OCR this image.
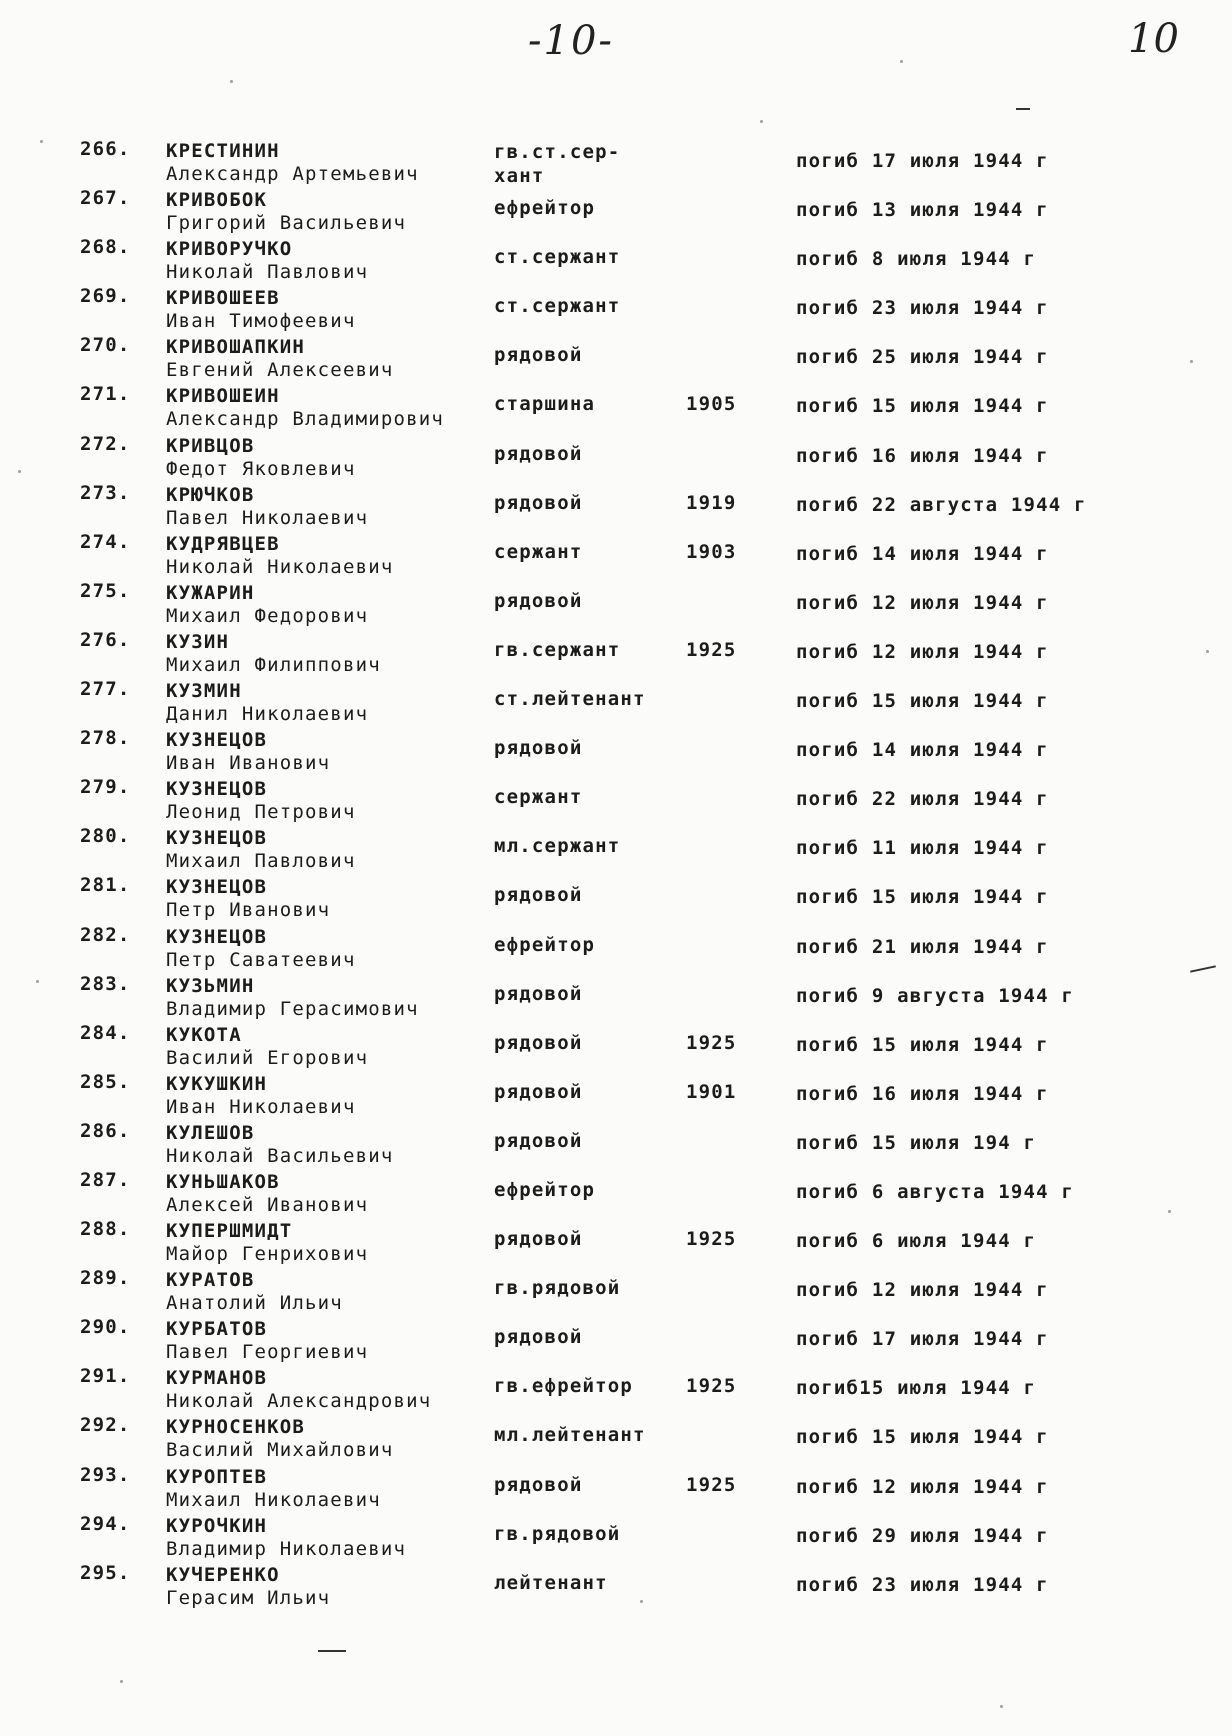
-10-	10
266. КРЕСТИНИН
Александр Артемьевич
гв.ст.сер-
хант
погиб 17 июля 1944 г
267. КРИВОБОК
Григорий Васильевич
ефрейтор	погиб 13 июля 1944 г
268. КРИВОРУЧКО
Николай Павлович
ст.сержант	погиб 8 июля 1944 г
269. КРИВОШЕЕВ
Иван Тимофеевич
ст.сержант	погиб 23 июля 1944 г
270. КРИВОШАПКИН
Евгений Алексеевич
рядовой	погиб 25 июля 1944 г
271. КРИВОШЕИН
Александр Владимирович
старшина	1905	погиб 15 июля 1944 г
272. КРИВЦОВ
Федот Яковлевич
рядовой	погиб 16 июля 1944 г
273. КРЮЧКОВ
Павел Николаевич
рядовой	1919	погиб 22 августа 1944 г
274. КУДРЯВЦЕВ
Николай Николаевич
сержант	1903	погиб 14 июля 1944 г
275. КУЖАРИН
Михаил Федорович
рядовой	погиб 12 июля 1944 г
276. КУЗИН
Михаил Филиппович
гв.сержант	1925	погиб 12 июля 1944 г
277. КУЗМИН
Данил Николаевич
ст.лейтенант	погиб 15 июля 1944 г
278. КУЗНЕЦОВ
Иван Иванович
рядовой	погиб 14 июля 1944 г
279. КУЗНЕЦОВ
Леонид Петрович
сержант	погиб 22 июля 1944 г
280. КУЗНЕЦОВ
Михаил Павлович
мл.сержант	погиб 11 июля 1944 г
281. КУЗНЕЦОВ
Петр Иванович
рядовой	погиб 15 июля 1944 г
282. КУЗНЕЦОВ
Петр Саватеевич
ефрейтор	погиб 21 июля 1944 г
283. КУЗЬМИН
Владимир Герасимович
рядовой	погиб 9 августа 1944 г
284. КУКОТА
Василий Егорович
рядовой	1925	погиб 15 июля 1944 г
285. КУКУШКИН
Иван Николаевич
рядовой	1901	погиб 16 июля 1944 г
286. КУЛЕШОВ
Николай Васильевич
рядовой	погиб 15 июля 194 г
287. КУНЬШАКОВ
Алексей Иванович
ефрейтор	погиб 6 августа 1944 г
288. КУПЕРШМИДТ
Майор Генрихович
рядовой	1925	погиб 6 июля 1944 г
289. КУРАТОВ
Анатолий Ильич
гв.рядовой	погиб 12 июля 1944 г
290. КУРБАТОВ
Павел Георгиевич
рядовой	погиб 17 июля 1944 г
291. КУРМАНОВ
Николай Александрович
гв.ефрейтор	1925	погиб15 июля 1944 г
292. КУРНОСЕНКОВ
Василий Михайлович
мл.лейтенант	погиб 15 июля 1944 г
293. КУРОПТЕВ
Михаил Николаевич
рядовой	1925	погиб 12 июля 1944 г
294. КУРОЧКИН
Владимир Николаевич
гв.рядовой	погиб 29 июля 1944 г
295. КУЧЕРЕНКО
Герасим Ильич
лейтенант	погиб 23 июля 1944 г
